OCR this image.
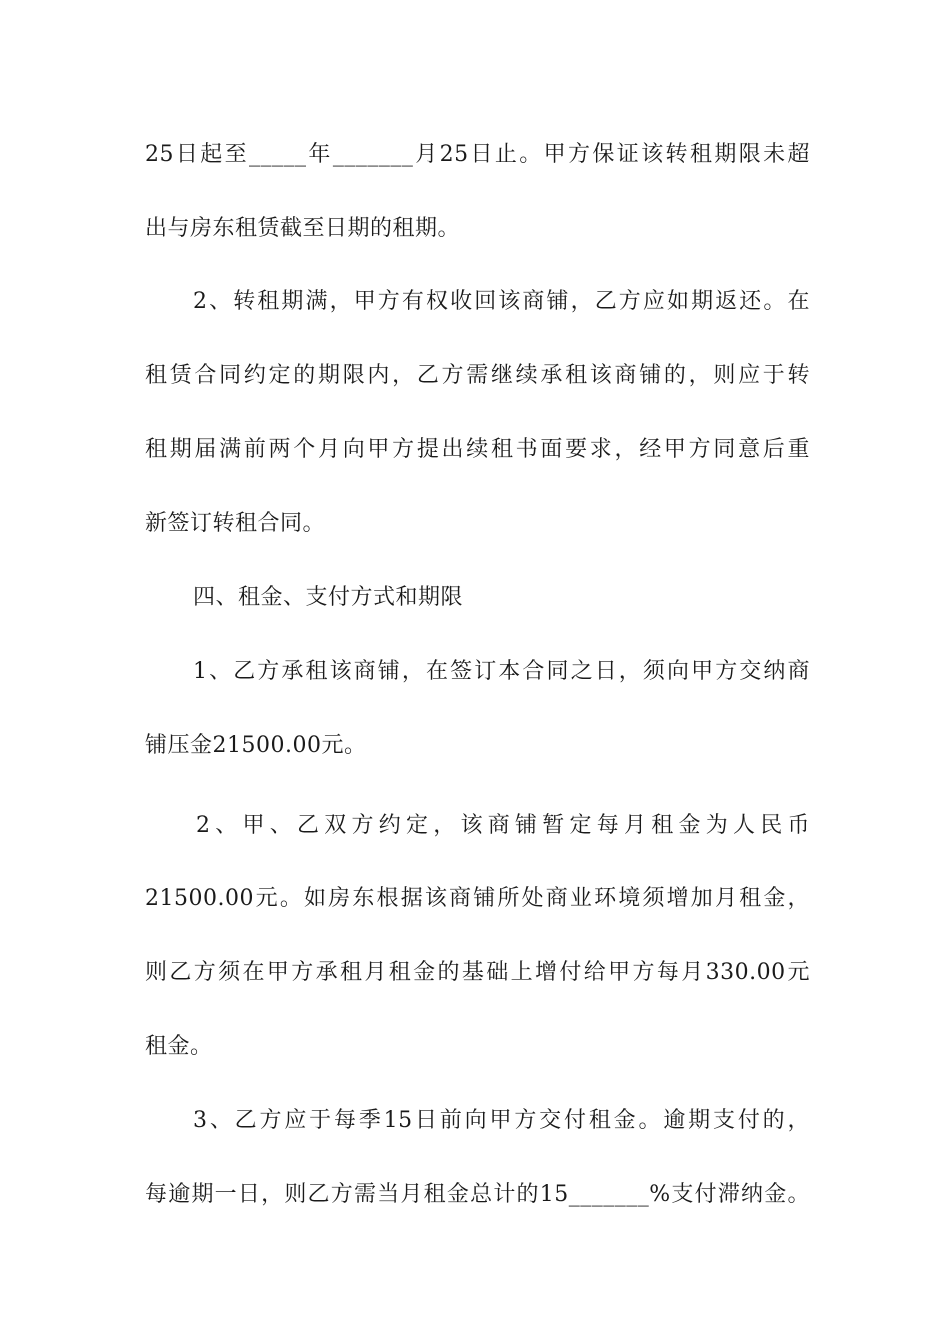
25日起至_____年_______月25日止。甲方保证该转租期限未超
出与房东租赁截至日期的租期。
2、转租期满，甲方有权收回该商铺，乙方应如期返还。在
租赁合同约定的期限内，乙方需继续承租该商铺的，则应于转
租期届满前两个月向甲方提出续租书面要求，经甲方同意后重
新签订转租合同。
四、租金、支付方式和期限
1、乙方承租该商铺，在签订本合同之日，须向甲方交纳商
铺压金21500.00元。
2、甲、乙双方约定，该商铺暂定每月租金为人民币
21500.00元。如房东根据该商铺所处商业环境须增加月租金，
则乙方须在甲方承租月租金的基础上增付给甲方每月330.00元
租金。
3、乙方应于每季15日前向甲方交付租金。逾期支付的，
每逾期一日，则乙方需当月租金总计的15_______%支付滞纳金。
